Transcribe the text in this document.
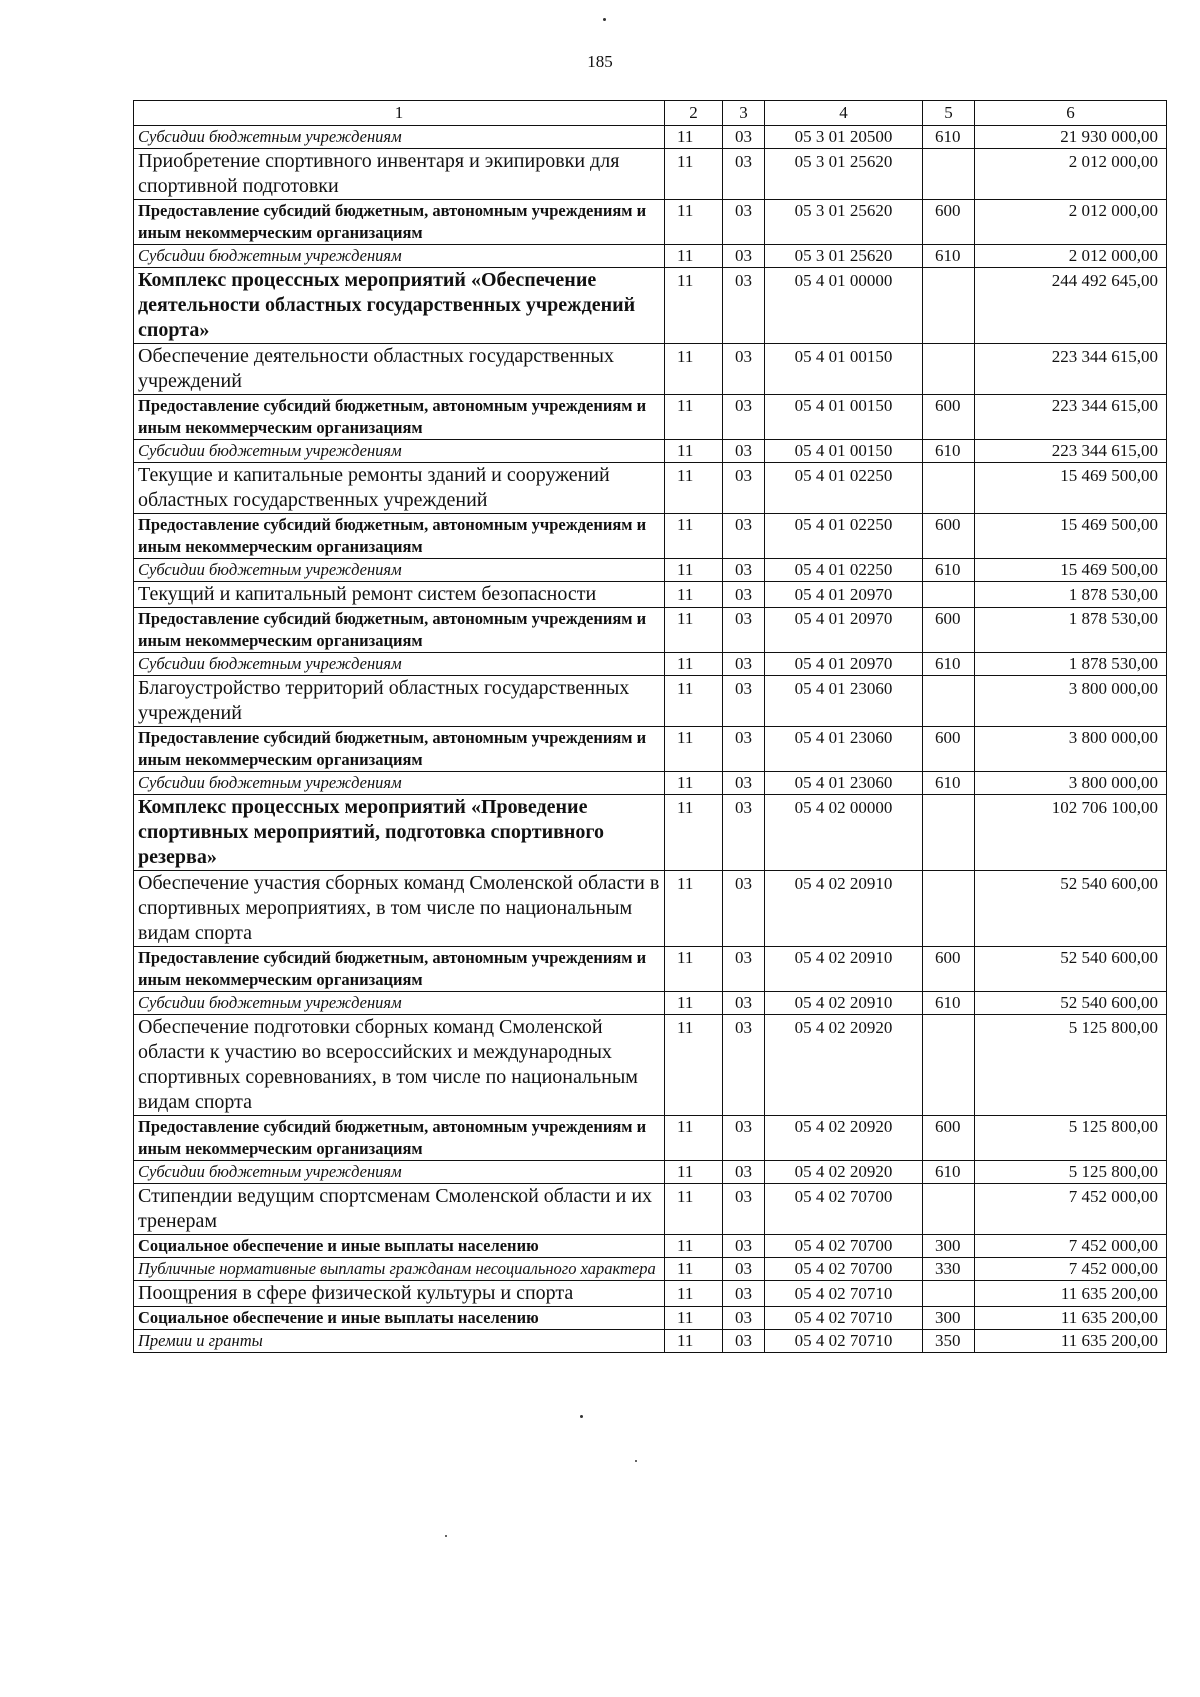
185
1	2	3	4	5	6
Субсидии бюджетным учреждениям	11	03	05 3 01 20500	610	21 930 000,00
Приобретение спортивного инвентаря и экипировки для спортивной подготовки	11	03	05 3 01 25620		2 012 000,00
Предоставление субсидий бюджетным, автономным учреждениям и иным некоммерческим организациям	11	03	05 3 01 25620	600	2 012 000,00
Субсидии бюджетным учреждениям	11	03	05 3 01 25620	610	2 012 000,00
Комплекс процессных мероприятий «Обеспечение деятельности областных государственных учреждений спорта»	11	03	05 4 01 00000		244 492 645,00
Обеспечение деятельности областных государственных учреждений	11	03	05 4 01 00150		223 344 615,00
Предоставление субсидий бюджетным, автономным учреждениям и иным некоммерческим организациям	11	03	05 4 01 00150	600	223 344 615,00
Субсидии бюджетным учреждениям	11	03	05 4 01 00150	610	223 344 615,00
Текущие и капитальные ремонты зданий и сооружений областных государственных учреждений	11	03	05 4 01 02250		15 469 500,00
Предоставление субсидий бюджетным, автономным учреждениям и иным некоммерческим организациям	11	03	05 4 01 02250	600	15 469 500,00
Субсидии бюджетным учреждениям	11	03	05 4 01 02250	610	15 469 500,00
Текущий и капитальный ремонт систем безопасности	11	03	05 4 01 20970		1 878 530,00
Предоставление субсидий бюджетным, автономным учреждениям и иным некоммерческим организациям	11	03	05 4 01 20970	600	1 878 530,00
Субсидии бюджетным учреждениям	11	03	05 4 01 20970	610	1 878 530,00
Благоустройство территорий областных государственных учреждений	11	03	05 4 01 23060		3 800 000,00
Предоставление субсидий бюджетным, автономным учреждениям и иным некоммерческим организациям	11	03	05 4 01 23060	600	3 800 000,00
Субсидии бюджетным учреждениям	11	03	05 4 01 23060	610	3 800 000,00
Комплекс процессных мероприятий «Проведение спортивных мероприятий, подготовка спортивного резерва»	11	03	05 4 02 00000		102 706 100,00
Обеспечение участия сборных команд Смоленской области в спортивных мероприятиях, в том числе по национальным видам спорта	11	03	05 4 02 20910		52 540 600,00
Предоставление субсидий бюджетным, автономным учреждениям и иным некоммерческим организациям	11	03	05 4 02 20910	600	52 540 600,00
Субсидии бюджетным учреждениям	11	03	05 4 02 20910	610	52 540 600,00
Обеспечение подготовки сборных команд Смоленской области к участию во всероссийских и международных спортивных соревнованиях, в том числе по национальным видам спорта	11	03	05 4 02 20920		5 125 800,00
Предоставление субсидий бюджетным, автономным учреждениям и иным некоммерческим организациям	11	03	05 4 02 20920	600	5 125 800,00
Субсидии бюджетным учреждениям	11	03	05 4 02 20920	610	5 125 800,00
Стипендии ведущим спортсменам Смоленской области и их тренерам	11	03	05 4 02 70700		7 452 000,00
Социальное обеспечение и иные выплаты населению	11	03	05 4 02 70700	300	7 452 000,00
Публичные нормативные выплаты гражданам несоциального характера	11	03	05 4 02 70700	330	7 452 000,00
Поощрения в сфере физической культуры и спорта	11	03	05 4 02 70710		11 635 200,00
Социальное обеспечение и иные выплаты населению	11	03	05 4 02 70710	300	11 635 200,00
Премии и гранты	11	03	05 4 02 70710	350	11 635 200,00
